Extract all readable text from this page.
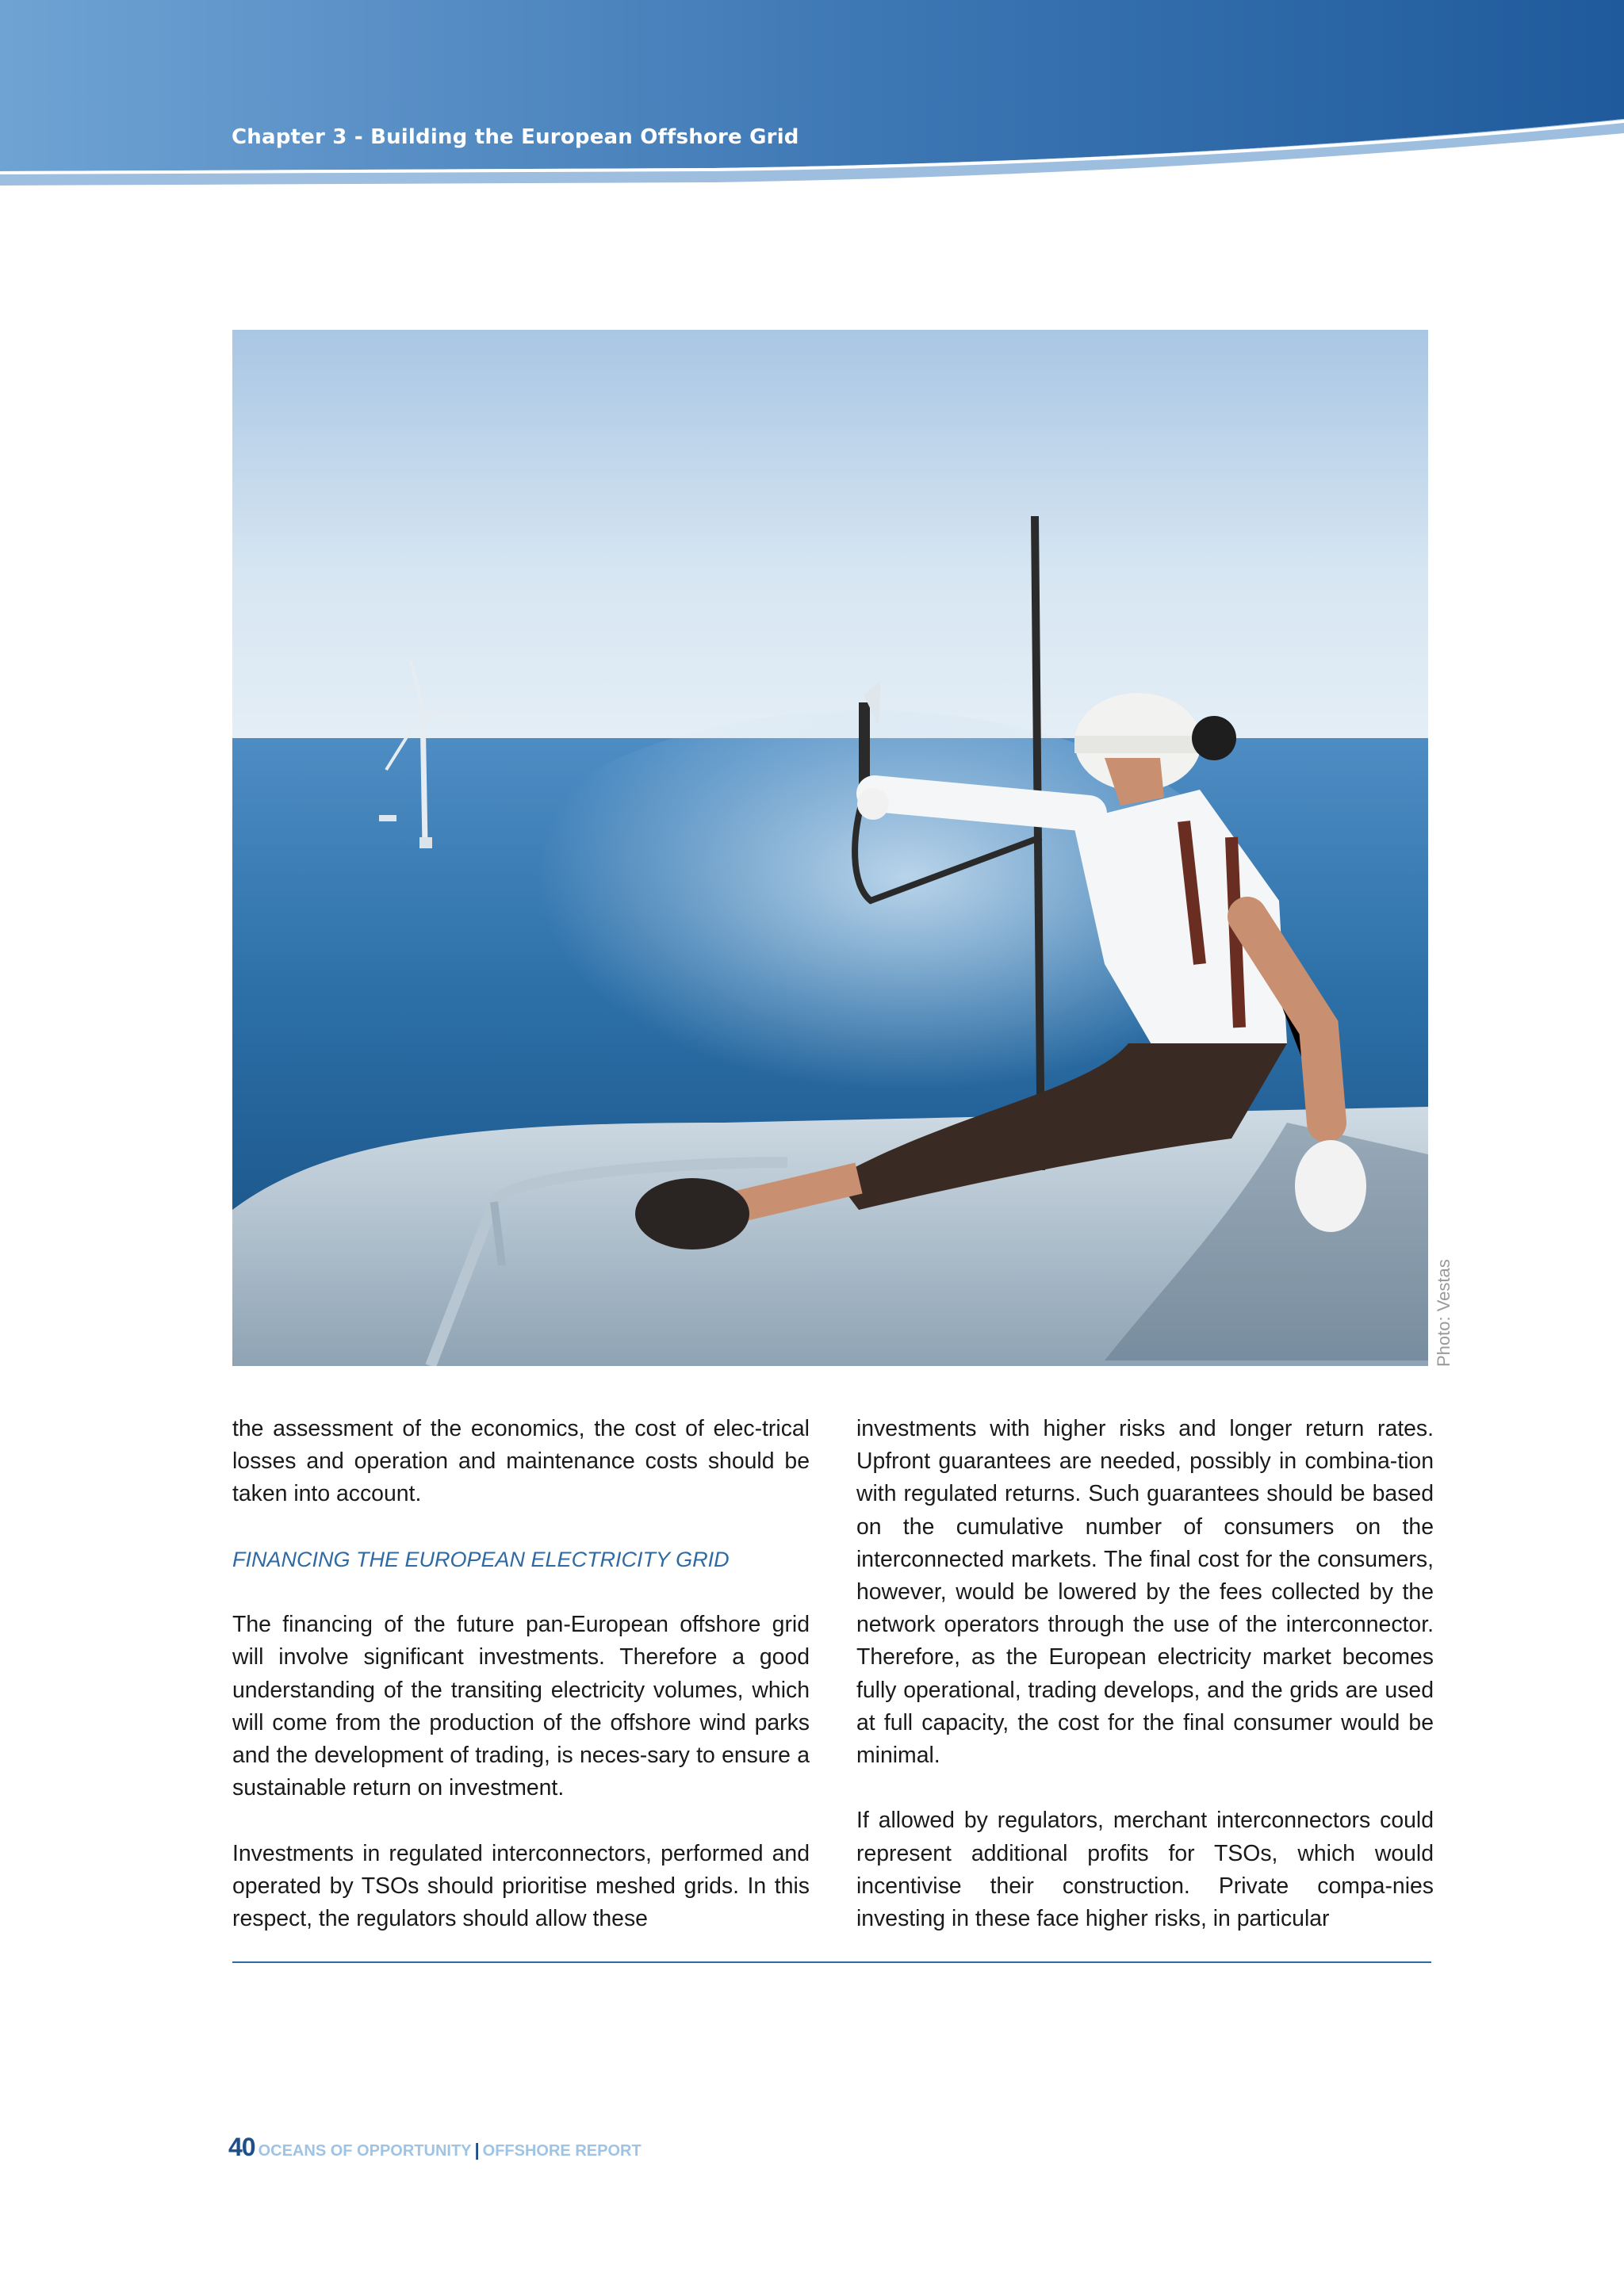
Chapter 3 - Building the European Offshore Grid
Photo: Vestas

the assessment of the economics, the cost of elec-trical losses and operation and maintenance costs should be taken into account.

FINANCING THE EUROPEAN ELECTRICITY GRID

The financing of the future pan-European offshore grid will involve significant investments. Therefore a good understanding of the transiting electricity volumes, which will come from the production of the offshore wind parks and the development of trading, is neces-sary to ensure a sustainable return on investment.

Investments in regulated interconnectors, performed and operated by TSOs should prioritise meshed grids. In this respect, the regulators should allow these

investments with higher risks and longer return rates. Upfront guarantees are needed, possibly in combina-tion with regulated returns. Such guarantees should be based on the cumulative number of consumers on the interconnected markets. The final cost for the consumers, however, would be lowered by the fees collected by the network operators through the use of the interconnector. Therefore, as the European electricity market becomes fully operational, trading develops, and the grids are used at full capacity, the cost for the final consumer would be minimal.

If allowed by regulators, merchant interconnectors could represent additional profits for TSOs, which would incentivise their construction. Private compa-nies investing in these face higher risks, in particular

40 OCEANS OF OPPORTUNITY | OFFSHORE REPORT
